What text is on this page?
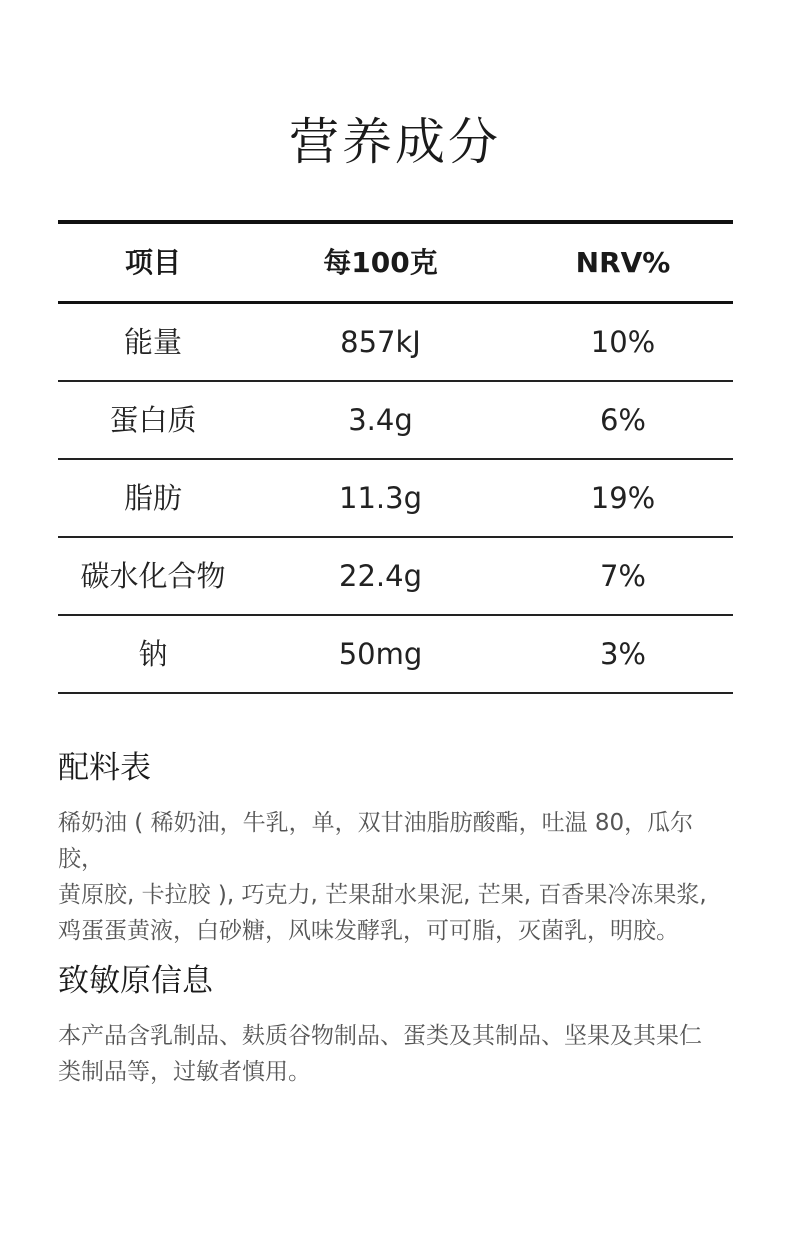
营养成分
项目	每100克	NRV%
能量	857kJ	10%
蛋白质	3.4g	6%
脂肪	11.3g	19%
碳水化合物	22.4g	7%
钠	50mg	3%
配料表
稀奶油 ( 稀奶油，牛乳，单，双甘油脂肪酸酯，吐温 80，瓜尔胶，
黄原胶, 卡拉胶 ), 巧克力, 芒果甜水果泥, 芒果, 百香果冷冻果浆,
鸡蛋蛋黄液，白砂糖，风味发酵乳，可可脂，灭菌乳，明胶。
致敏原信息
本产品含乳制品、麸质谷物制品、蛋类及其制品、坚果及其果仁
类制品等，过敏者慎用。
